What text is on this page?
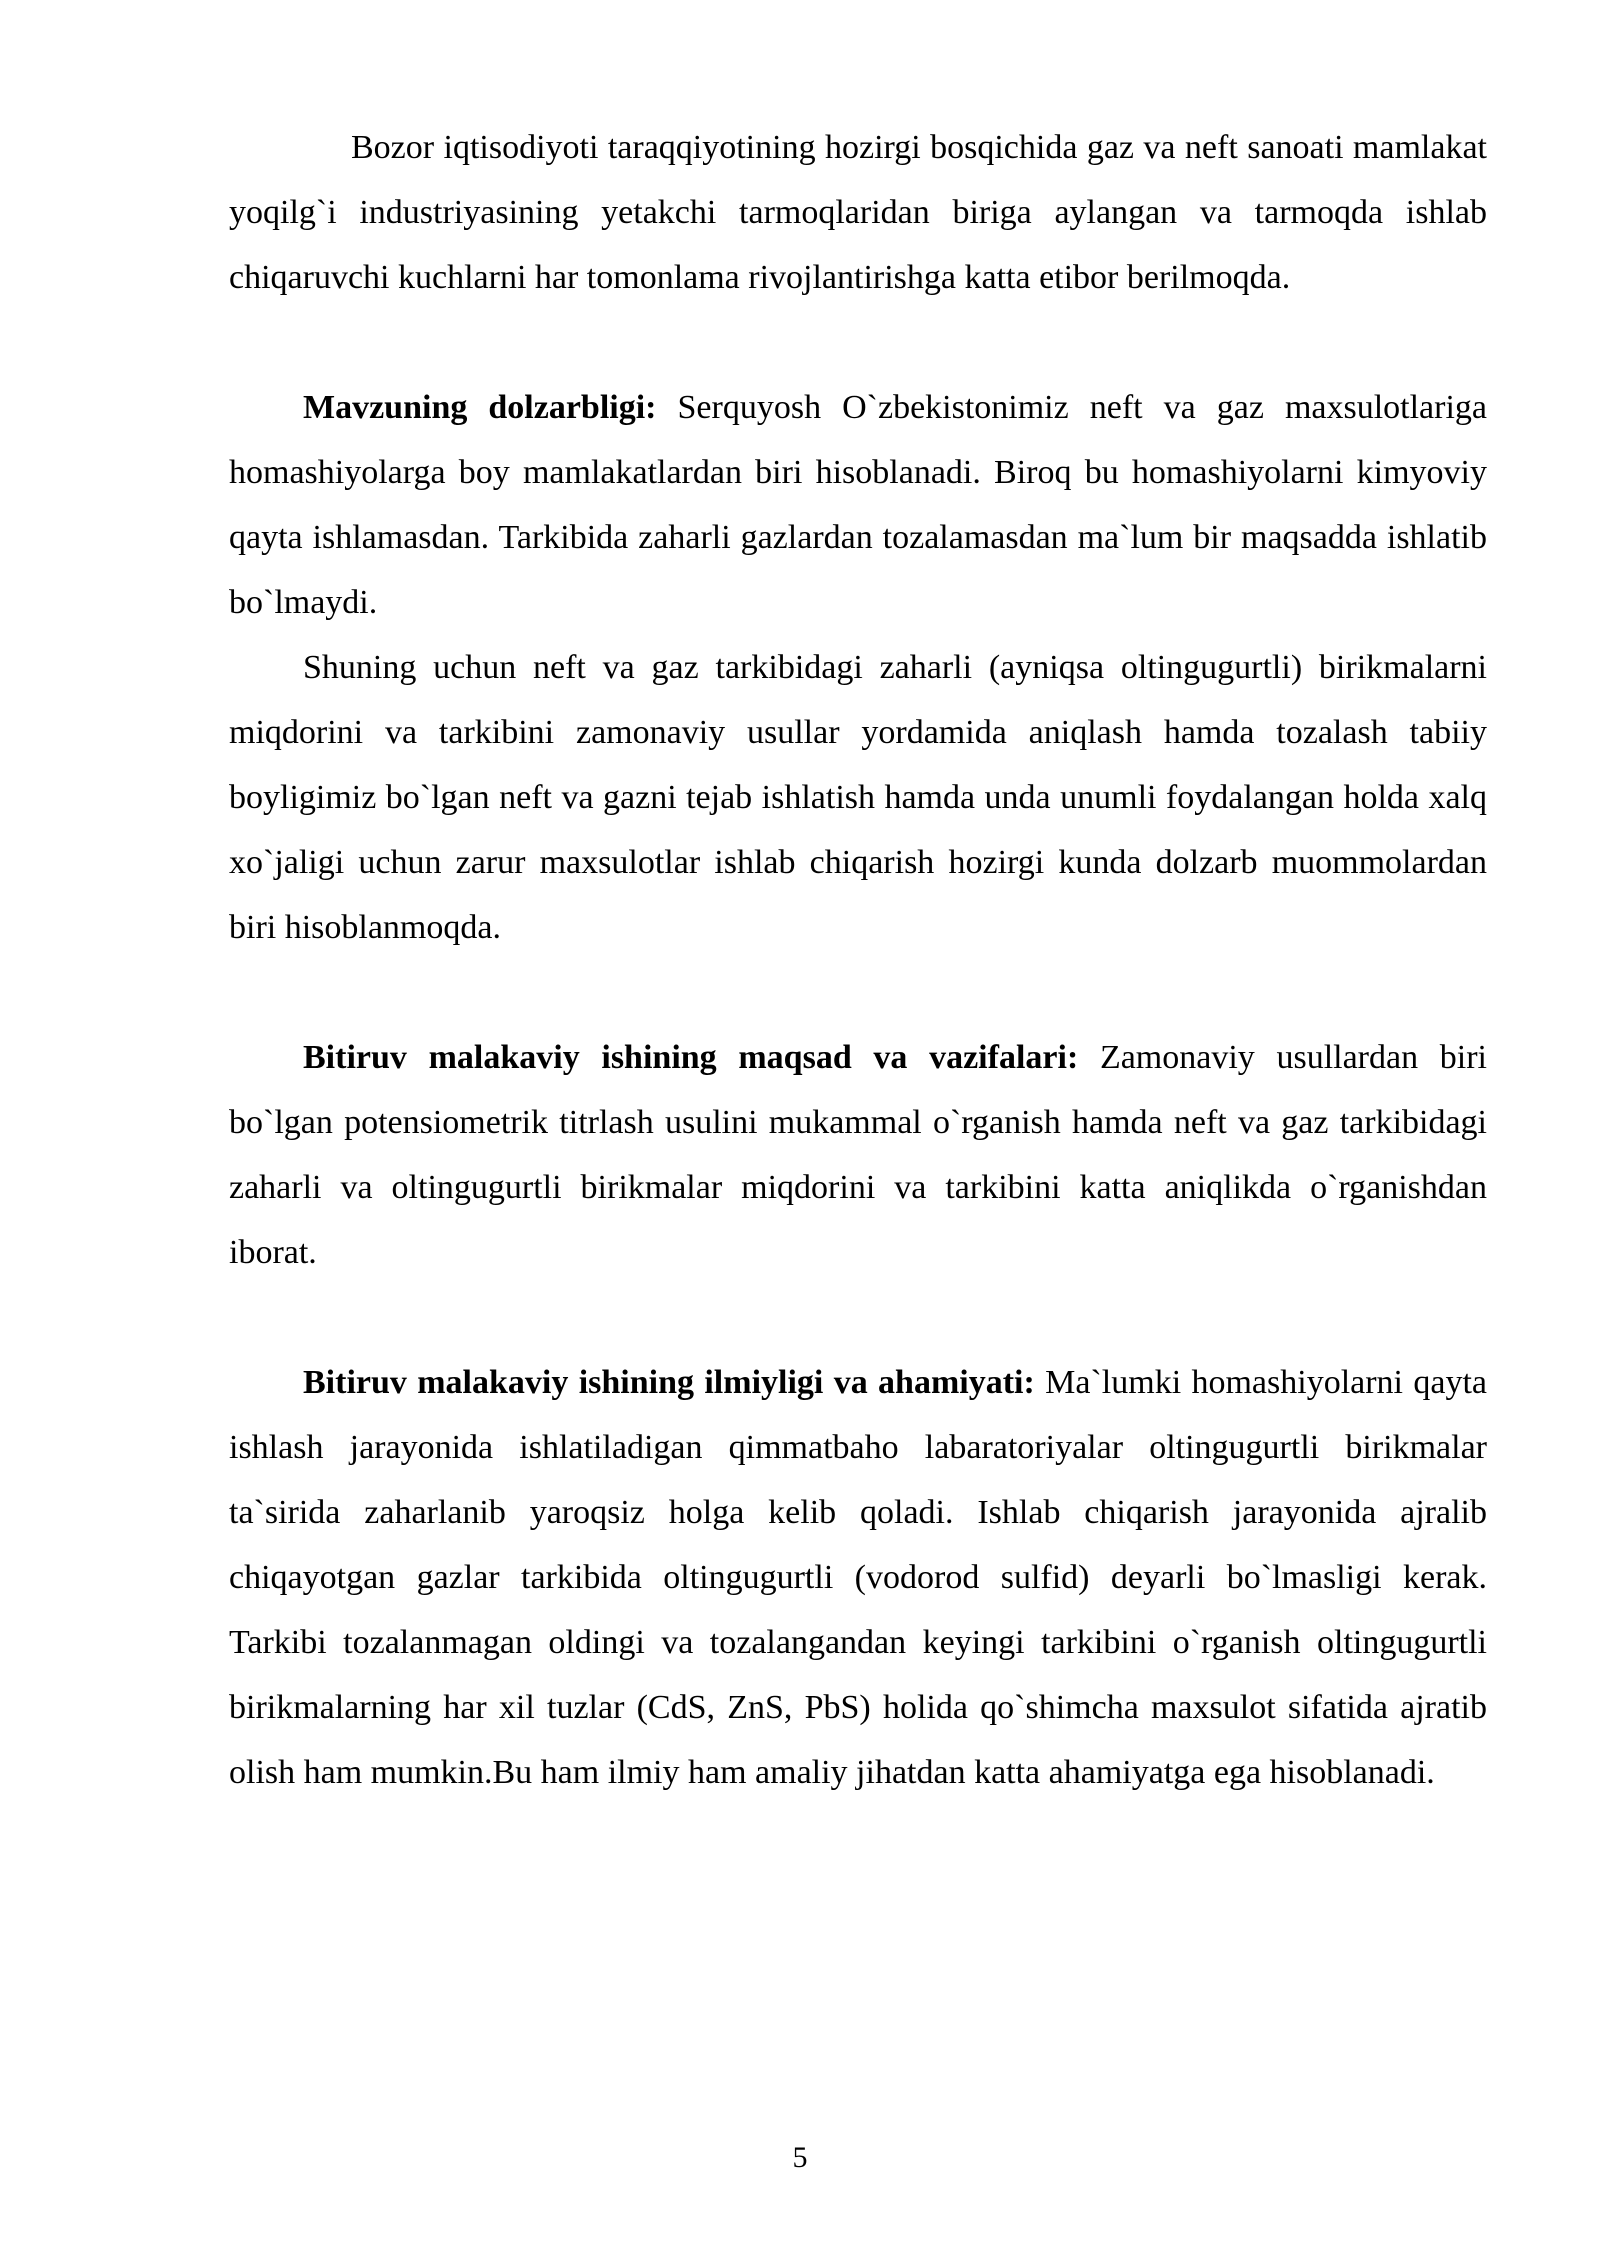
Bozor iqtisodiyoti taraqqiyotining hozirgi bosqichida gaz va neft sanoati mamlakat yoqilg`i industriyasining yetakchi tarmoqlaridan biriga aylangan va tarmoqda ishlab chiqaruvchi kuchlarni har tomonlama rivojlantirishga katta etibor berilmoqda.

Mavzuning dolzarbligi: Serquyosh O`zbekistonimiz neft va gaz maxsulotlariga homashiyolarga boy mamlakatlardan biri hisoblanadi. Biroq bu homashiyolarni kimyoviy qayta ishlamasdan. Tarkibida zaharli gazlardan tozalamasdan ma`lum bir maqsadda ishlatib bo`lmaydi.

Shuning uchun neft va gaz tarkibidagi zaharli (ayniqsa oltingugurtli) birikmalarni miqdorini va tarkibini zamonaviy usullar yordamida aniqlash hamda tozalash tabiiy boyligimiz bo`lgan neft va gazni tejab ishlatish hamda unda unumli foydalangan holda xalq xo`jaligi uchun zarur maxsulotlar ishlab chiqarish hozirgi kunda dolzarb muommolardan biri hisoblanmoqda.

Bitiruv malakaviy ishining maqsad va vazifalari: Zamonaviy usullardan biri bo`lgan potensiometrik titrlash usulini mukammal o`rganish hamda neft va gaz tarkibidagi zaharli va oltingugurtli birikmalar miqdorini va tarkibini katta aniqlikda o`rganishdan iborat.

Bitiruv malakaviy ishining ilmiyligi va ahamiyati: Ma`lumki homashiyolarni qayta ishlash jarayonida ishlatiladigan qimmatbaho labaratoriyalar oltingugurtli birikmalar ta`sirida zaharlanib yaroqsiz holga kelib qoladi. Ishlab chiqarish jarayonida ajralib chiqayotgan gazlar tarkibida oltingugurtli (vodorod sulfid) deyarli bo`lmasligi kerak. Tarkibi tozalanmagan oldingi va tozalangandan keyingi tarkibini o`rganish oltingugurtli birikmalarning har xil tuzlar (CdS, ZnS, PbS) holida qo`shimcha maxsulot sifatida ajratib olish ham mumkin.Bu ham ilmiy ham amaliy jihatdan katta ahamiyatga ega hisoblanadi.

5
